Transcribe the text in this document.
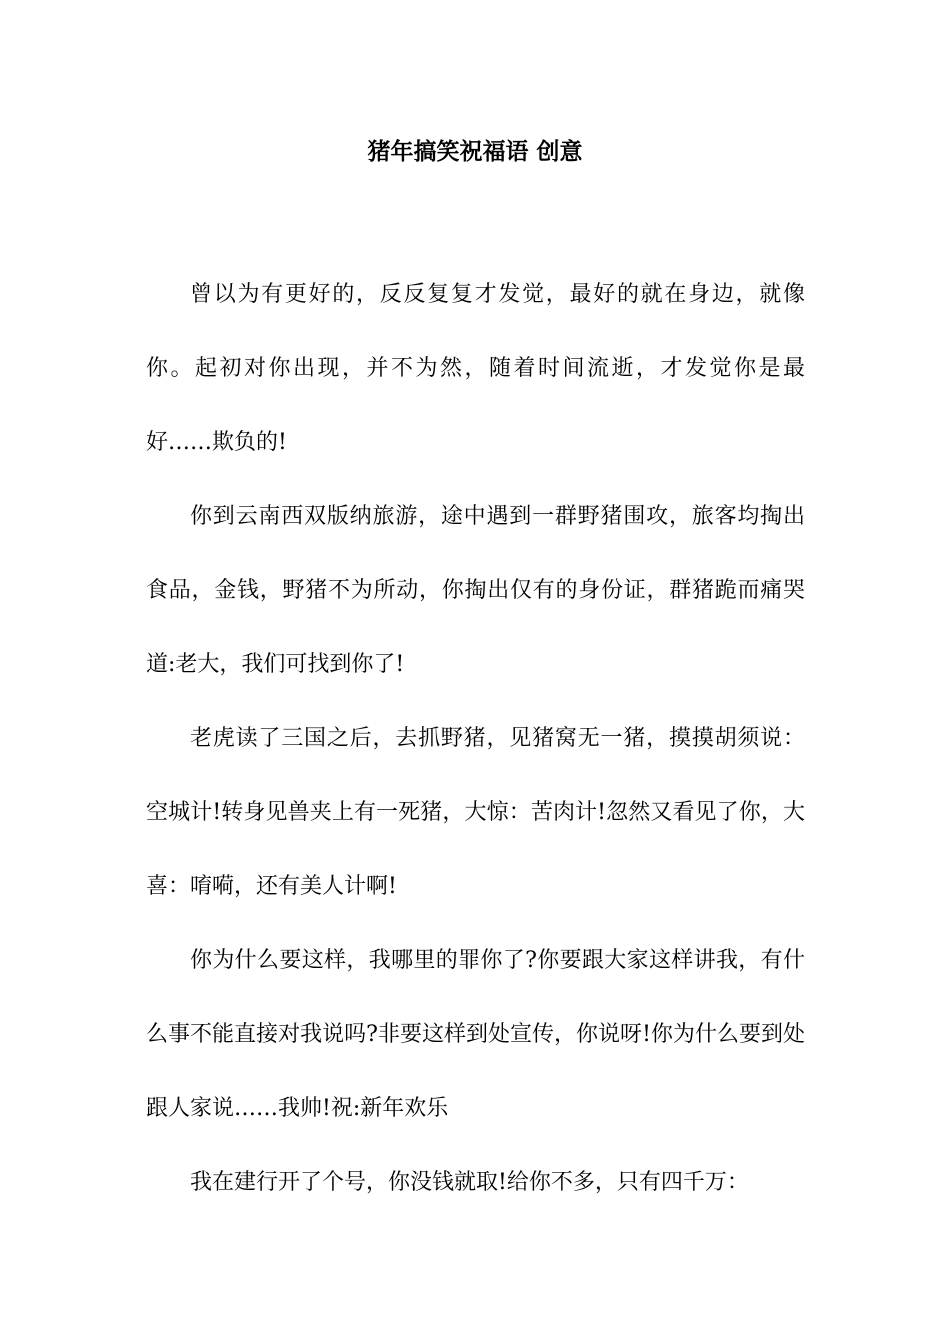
猪年搞笑祝福语 创意

曾以为有更好的，反反复复才发觉，最好的就在身边，就像你。起初对你出现，并不为然，随着时间流逝，才发觉你是最好……欺负的!

你到云南西双版纳旅游，途中遇到一群野猪围攻，旅客均掏出食品，金钱，野猪不为所动，你掏出仅有的身份证，群猪跪而痛哭道:老大，我们可找到你了!

老虎读了三国之后，去抓野猪，见猪窝无一猪，摸摸胡须说：空城计!转身见兽夹上有一死猪，大惊：苦肉计!忽然又看见了你，大喜：唷嗬，还有美人计啊!

你为什么要这样，我哪里的罪你了?你要跟大家这样讲我，有什么事不能直接对我说吗?非要这样到处宣传，你说呀!你为什么要到处跟人家说……我帅!祝:新年欢乐

我在建行开了个号，你没钱就取!给你不多，只有四千万：
